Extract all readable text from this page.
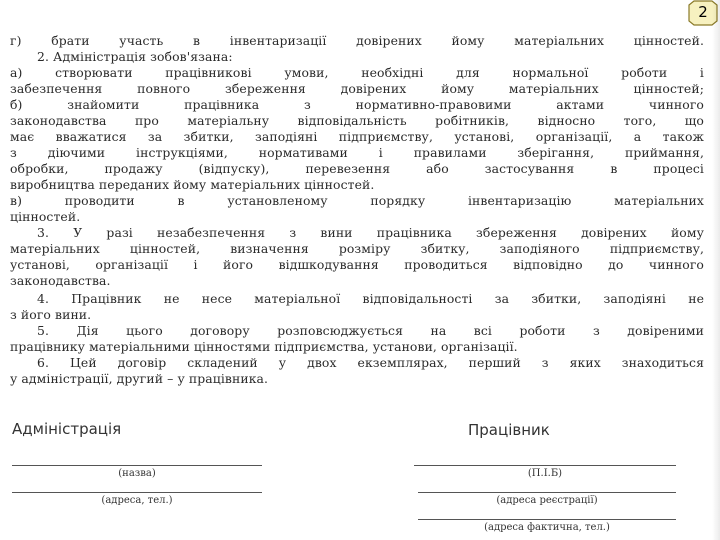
2
г) брати участь в інвентаризації довірених йому матеріальних цінностей.
2. Адміністрація зобов'язана:
а) створювати працівникові умови, необхідні для нормальної роботи і
забезпечення повного збереження довірених йому матеріальних цінностей;
б) знайомити працівника з нормативно-правовими актами чинного
законодавства про матеріальну відповідальність робітників, відносно того, що
має вважатися за збитки, заподіяні підприємству, установі, організації, а також
з діючими інструкціями, нормативами і правилами зберігання, приймання,
обробки, продажу (відпуску), перевезення або застосування в процесі
виробництва переданих йому матеріальних цінностей.
в) проводити в установленому порядку інвентаризацію матеріальних
цінностей.
3. У разі незабезпечення з вини працівника збереження довірених йому
матеріальних цінностей, визначення розміру збитку, заподіяного підприємству,
установі, організації і його відшкодування проводиться відповідно до чинного
законодавства.
4. Працівник не несе матеріальної відповідальності за збитки, заподіяні не
з його вини.
5. Дія цього договору розповсюджується на всі роботи з довіреними
працівнику матеріальними цінностями підприємства, установи, організації.
6. Цей договір складений у двох екземплярах, перший з яких знаходиться
у адміністрації, другий – у працівника.
Адміністрація	Працівник
(назва)
(адреса, тел.)
(П.І.Б)
(адреса реєстрації)
(адреса фактична, тел.)
